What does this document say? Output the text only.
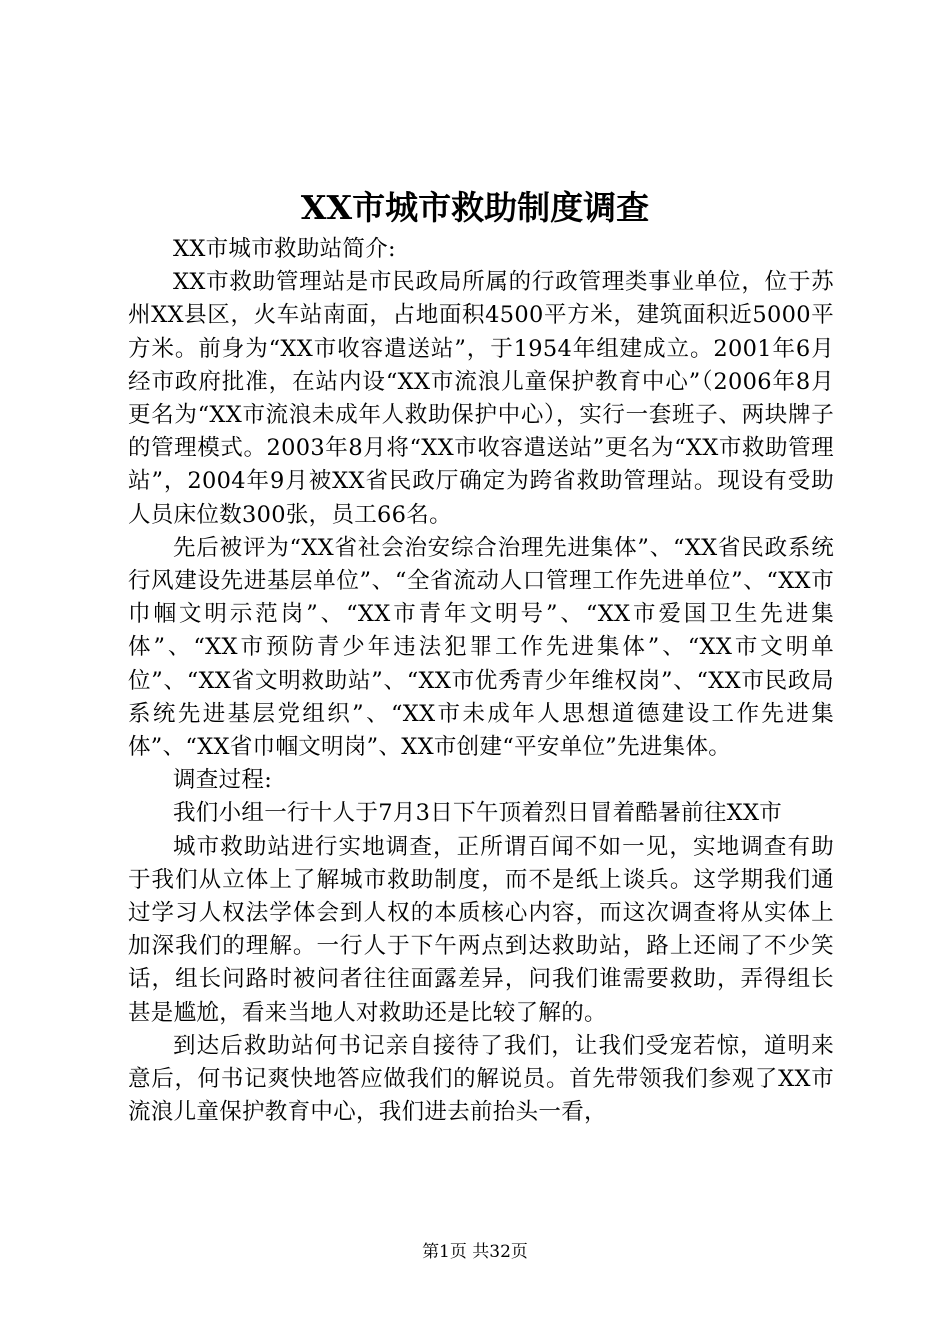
XX市城市救助制度调查

XX市城市救助站简介:

XX市救助管理站是市民政局所属的行政管理类事业单位，位于苏州XX县区，火车站南面，占地面积4500平方米，建筑面积近5000平方米。前身为“XX市收容遣送站”，于1954年组建成立。2001年6月经市政府批准，在站内设“XX市流浪儿童保护教育中心”（2006年8月更名为“XX市流浪未成年人救助保护中心），实行一套班子、两块牌子的管理模式。2003年8月将“XX市收容遣送站”更名为“XX市救助管理站”，2004年9月被XX省民政厅确定为跨省救助管理站。现设有受助人员床位数300张，员工66名。

先后被评为“XX省社会治安综合治理先进集体”、“XX省民政系统行风建设先进基层单位”、“全省流动人口管理工作先进单位”、“XX市巾帼文明示范岗”、“XX市青年文明号”、“XX市爱国卫生先进集体”、“XX市预防青少年违法犯罪工作先进集体”、“XX市文明单位”、“XX省文明救助站”、“XX市优秀青少年维权岗”、“XX市民政局系统先进基层党组织”、“XX市未成年人思想道德建设工作先进集体”、“XX省巾帼文明岗”、XX市创建“平安单位”先进集体。

调查过程:

我们小组一行十人于7月3日下午顶着烈日冒着酷暑前往XX市

城市救助站进行实地调查，正所谓百闻不如一见，实地调查有助于我们从立体上了解城市救助制度，而不是纸上谈兵。这学期我们通过学习人权法学体会到人权的本质核心内容，而这次调查将从实体上加深我们的理解。一行人于下午两点到达救助站，路上还闹了不少笑话，组长问路时被问者往往面露差异，问我们谁需要救助，弄得组长甚是尴尬，看来当地人对救助还是比较了解的。

到达后救助站何书记亲自接待了我们，让我们受宠若惊，道明来意后，何书记爽快地答应做我们的解说员。首先带领我们参观了XX市流浪儿童保护教育中心，我们进去前抬头一看，

第1页 共32页
